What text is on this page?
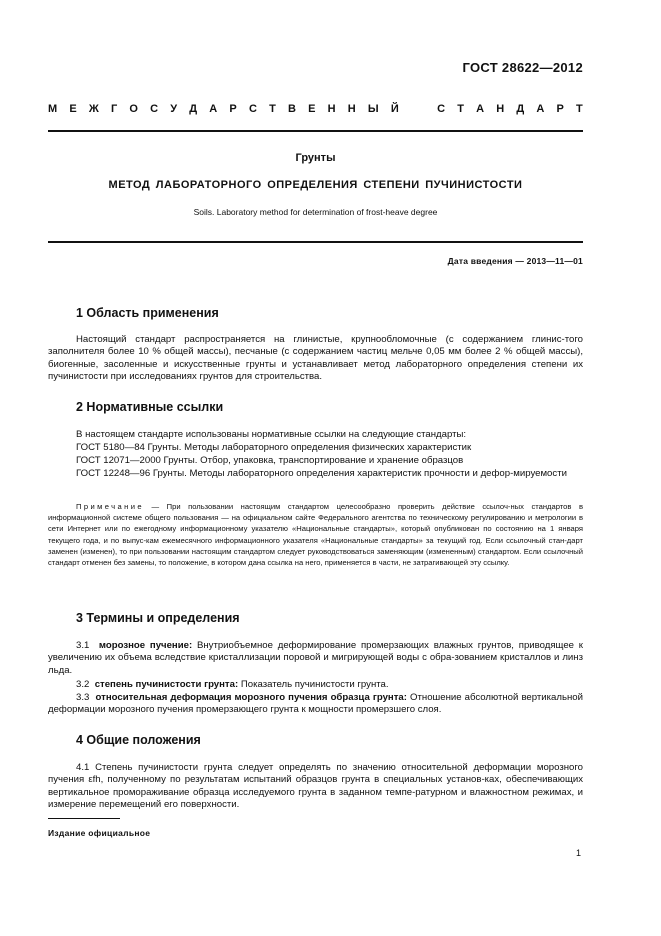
ГОСТ 28622—2012
М Е Ж Г О С У Д А Р С Т В Е Н Н Ы Й	С Т А Н Д А Р Т
Грунты
МЕТОД ЛАБОРАТОРНОГО ОПРЕДЕЛЕНИЯ СТЕПЕНИ ПУЧИНИСТОСТИ
Soils. Laboratory method for determination of frost-heave degree
Дата введения — 2013—11—01
1 Область применения
Настоящий стандарт распространяется на глинистые, крупнообломочные (с содержанием глинис-того заполнителя более 10 % общей массы), песчаные (с содержанием частиц мельче 0,05 мм более 2 % общей массы), биогенные, засоленные и искусственные грунты и устанавливает метод лабораторного определения степени их пучинистости при исследованиях грунтов для строительства.
2 Нормативные ссылки
В настоящем стандарте использованы нормативные ссылки на следующие стандарты:
ГОСТ 5180—84 Грунты. Методы лабораторного определения физических характеристик
ГОСТ 12071—2000 Грунты. Отбор, упаковка, транспортирование и хранение образцов
ГОСТ 12248—96 Грунты. Методы лабораторного определения характеристик прочности и дефор-мируемости
Примечание — При пользовании настоящим стандартом целесообразно проверить действие ссылоч-ных стандартов в информационной системе общего пользования — на официальном сайте Федерального агентства по техническому регулированию и метрологии в сети Интернет или по ежегодному информационному указателю «Национальные стандарты», который опубликован по состоянию на 1 января текущего года, и по выпус-кам ежемесячного информационного указателя «Национальные стандарты» за текущий год. Если ссылочный стан-дарт заменен (изменен), то при пользовании настоящим стандартом следует руководствоваться заменяющим (измененным) стандартом. Если ссылочный стандарт отменен без замены, то положение, в котором дана ссылка на него, применяется в части, не затрагивающей эту ссылку.
3 Термины и определения
3.1 морозное пучение: Внутриобъемное деформирование промерзающих влажных грунтов, приводящее к увеличению их объема вследствие кристаллизации поровой и мигрирующей воды с обра-зованием кристаллов и линз льда.
3.2 степень пучинистости грунта: Показатель пучинистости грунта.
3.3 относительная деформация морозного пучения образца грунта: Отношение абсолютной вертикальной деформации морозного пучения промерзающего грунта к мощности промерзшего слоя.
4 Общие положения
4.1 Степень пучинистости грунта следует определять по значению относительной деформации морозного пучения εfh, полученному по результатам испытаний образцов грунта в специальных установ-ках, обеспечивающих вертикальное промораживание образца исследуемого грунта в заданном темпе-ратурном и влажностном режимах, и измерение перемещений его поверхности.
Издание официальное
1
